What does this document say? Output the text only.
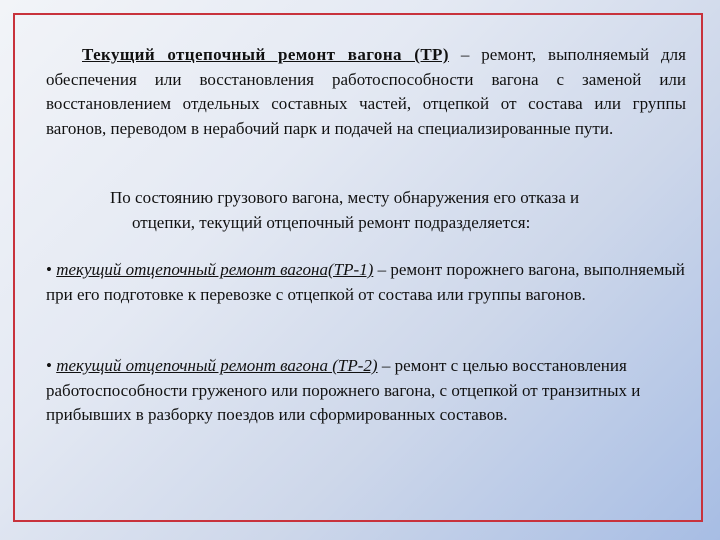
Текущий отцепочный ремонт вагона (ТР) – ремонт, выполняемый для обеспечения или восстановления работоспособности вагона с заменой или восстановлением отдельных составных частей, отцепкой от состава или группы вагонов, переводом в нерабочий парк и подачей на специализированные пути.

По состоянию грузового вагона, месту обнаружения его отказа и
отцепки, текущий отцепочный ремонт подразделяется:

• текущий отцепочный ремонт вагона(ТР-1) – ремонт порожнего вагона, выполняемый при его подготовке к перевозке с отцепкой от состава или группы вагонов.

• текущий отцепочный ремонт вагона (ТР-2) – ремонт с целью восстановления работоспособности груженого или порожнего вагона, с отцепкой от транзитных и прибывших в разборку поездов или сформированных составов.
